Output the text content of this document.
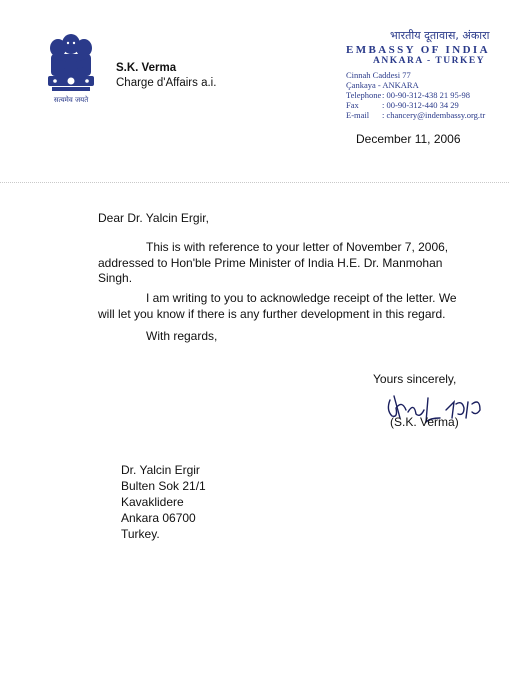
सत्यमेव जयते
S.K. Verma
Charge d'Affairs a.i.
भारतीय दूतावास, अंकारा
EMBASSY OF INDIA
ANKARA - TURKEY
Cinnah Caddesi 77
Çankaya - ANKARA
Telephone : 00-90-312-438 21 95-98
Fax	: 00-90-312-440 34 29
E-mail	: chancery@indembassy.org.tr
December 11, 2006
Dear Dr. Yalcin Ergir,
This is with reference to your letter of November 7, 2006, addressed to Hon'ble Prime Minister of India H.E. Dr. Manmohan Singh.
I am writing to you to acknowledge receipt of the letter. We will let you know if there is any further development in this regard.
With regards,
Yours sincerely,
(S.K. Verma)
Dr. Yalcin Ergir
Bulten Sok 21/1
Kavaklidere
Ankara 06700
Turkey.
